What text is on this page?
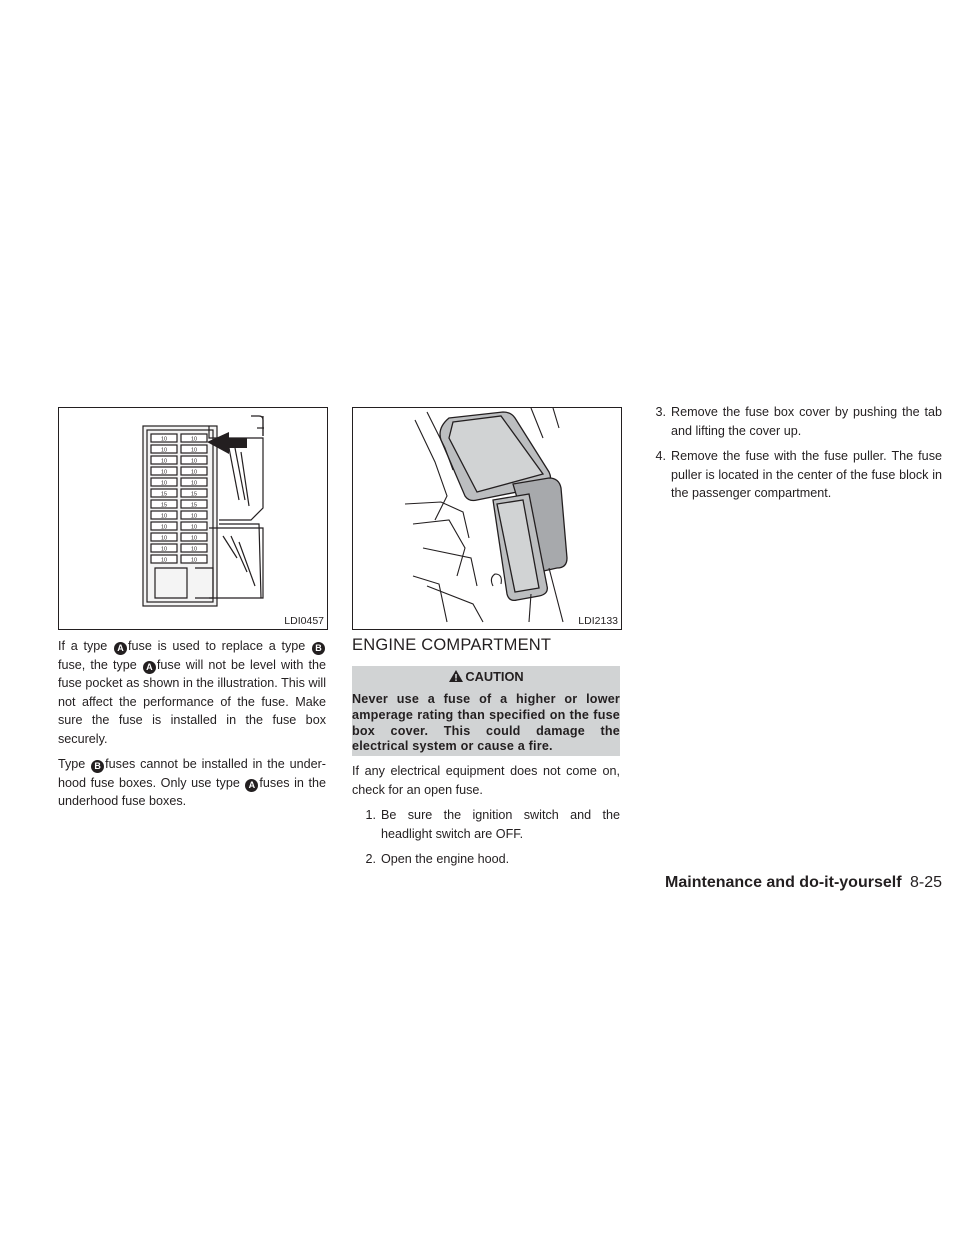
10	10
10	10
10	10
10	10
10	10
15	15
15	15
10	10
10	10
10	10
10	10
10	10
LDI0457	LDI2133

If a type A fuse is used to replace a type Bfuse, the type A fuse will not be level with the fuse pocket as shown in the illustration. This will not affect the performance of the fuse. Make sure the fuse is installed in the fuse box securely.

Type B fuses cannot be installed in the under-hood fuse boxes. Only use type A fuses in the underhood fuse boxes.

ENGINE COMPARTMENT
CAUTION
Never use a fuse of a higher or lower amperage rating than specified on the fuse box cover. This could damage the electrical system or cause a fire.

If any electrical equipment does not come on, check for an open fuse.

1. Be sure the ignition switch and the headlight switch are OFF.
2. Open the engine hood.
3. Remove the fuse box cover by pushing the tab and lifting the cover up.
4. Remove the fuse with the fuse puller. The fuse puller is located in the center of the fuse block in the passenger compartment.
Maintenance and do-it-yourself 8-25
